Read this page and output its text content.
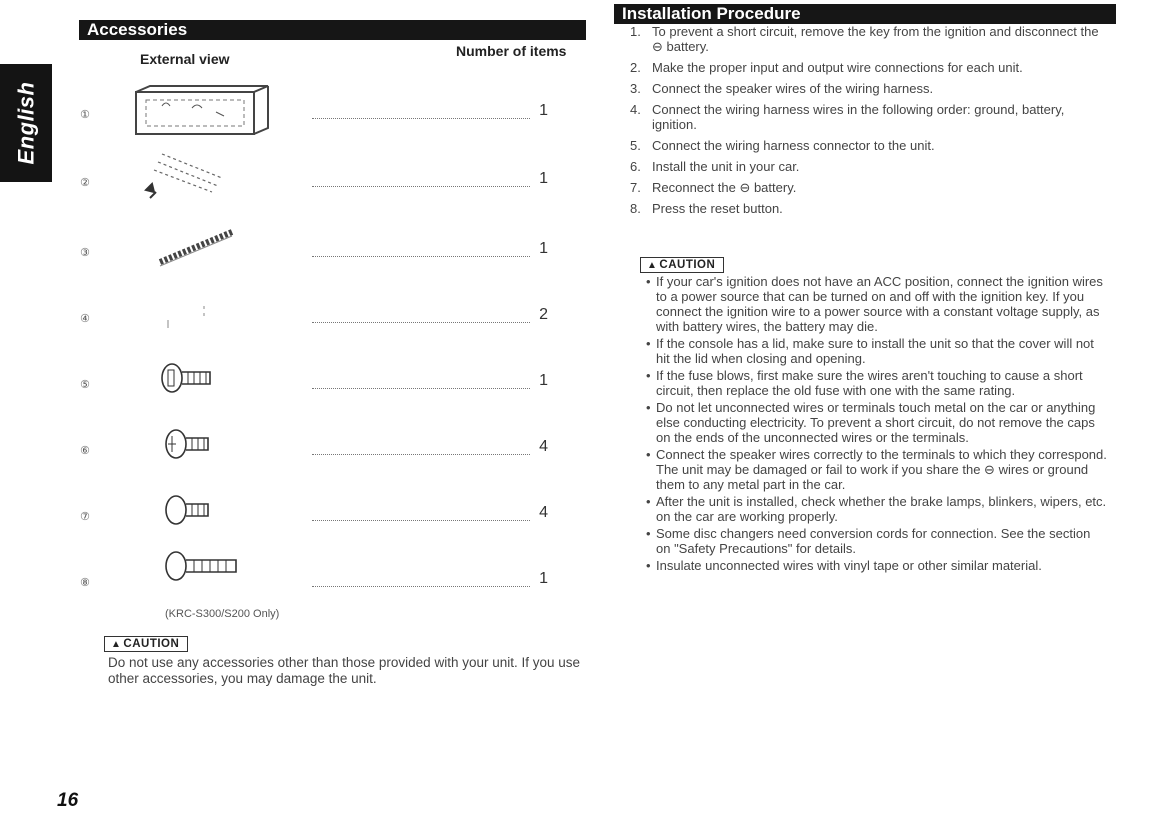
English
Accessories
External view	Number of items
①	1
②	1
③	1
④	2
⑤	1
⑥	4
⑦	4
⑧	1
(KRC-S300/S200 Only)
▲ CAUTION
Do not use any accessories other than those provided with your unit. If you use other accessories, you may damage the unit.
Installation Procedure
1. To prevent a short circuit, remove the key from the ignition and disconnect the ⊖ battery.
2. Make the proper input and output wire connections for each unit.
3. Connect the speaker wires of the wiring harness.
4. Connect the wiring harness wires in the following order: ground, battery, ignition.
5. Connect the wiring harness connector to the unit.
6. Install the unit in your car.
7. Reconnect the ⊖ battery.
8. Press the reset button.
▲ CAUTION
• If your car's ignition does not have an ACC position, connect the ignition wires to a power source that can be turned on and off with the ignition key. If you connect the ignition wire to a power source with a constant voltage supply, as with battery wires, the battery may die.
• If the console has a lid, make sure to install the unit so that the cover will not hit the lid when closing and opening.
• If the fuse blows, first make sure the wires aren't touching to cause a short circuit, then replace the old fuse with one with the same rating.
• Do not let unconnected wires or terminals touch metal on the car or anything else conducting electricity. To prevent a short circuit, do not remove the caps on the ends of the unconnected wires or the terminals.
• Connect the speaker wires correctly to the terminals to which they correspond. The unit may be damaged or fail to work if you share the ⊖ wires or ground them to any metal part in the car.
• After the unit is installed, check whether the brake lamps, blinkers, wipers, etc. on the car are working properly.
• Some disc changers need conversion cords for connection. See the section on "Safety Precautions" for details.
• Insulate unconnected wires with vinyl tape or other similar material.
16
